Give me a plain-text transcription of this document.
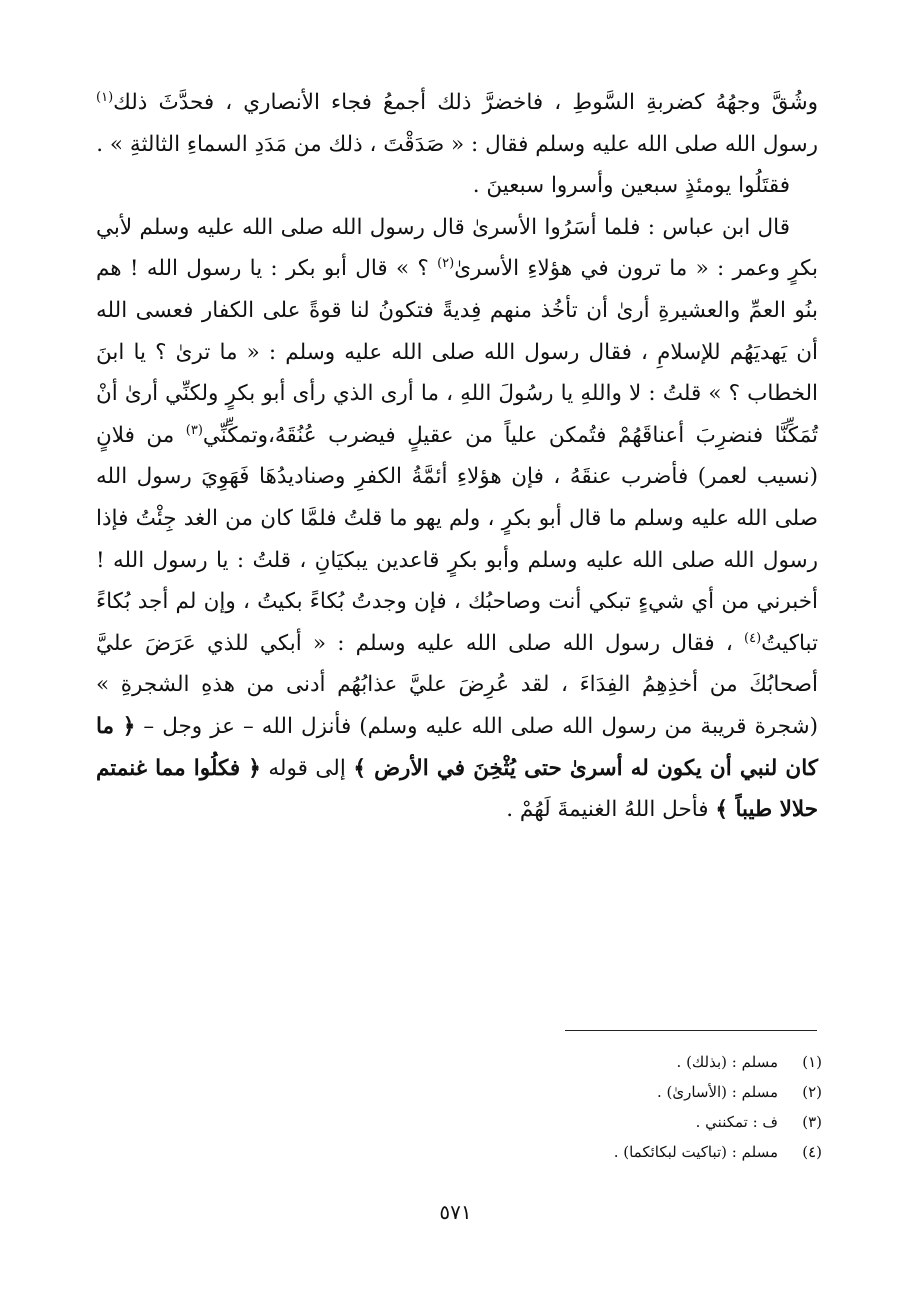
وشُقَّ وجهُهُ كضربةِ السَّوطِ ، فاخضرَّ ذلك أجمعُ فجاء الأنصاري ، فحدَّثَ ذلك$^{(١)}$ رسول الله صلى الله عليه وسلم فقال : « صَدَقْتَ ، ذلك من مَدَدِ السماءِ الثالثةِ » .

فقتَلُوا يومئذٍ سبعين وأسروا سبعينَ .

قال ابن عباس : فلما أسَرُوا الأسرىٰ قال رسول الله صلى الله عليه وسلم لأبي بكرٍ وعمر : « ما ترون في هؤلاءِ الأسرىٰ$^{(٢)}$ ؟ » قال أبو بكر : يا رسول الله ! هم بنُو العمِّ والعشيرةِ أرىٰ أن تأخُذ منهم فِديةً فتكونُ لنا قوةً على الكفار فعسى الله أن يَهديَهُم للإسلامِ ، فقال رسول الله صلى الله عليه وسلم : « ما ترىٰ ؟ يا ابنَ الخطاب ؟ » قلتُ : لا واللهِ يا رسُولَ اللهِ ، ما أرى الذي رأى أبو بكرٍ ولكنِّي أرىٰ أنْ تُمَكِّنَّا فنضرِبَ أعناقَهُمْ فتُمكن علياً من عقيلٍ فيضرب عُنُقَهُ،وتمكِّنِّي$^{(٣)}$ من فلانٍ (نسيب لعمر) فأضرب عنقَهُ ، فإن هؤلاءِ أئمَّةُ الكفرِ وصناديدُهَا فَهَوِيَ رسول الله صلى الله عليه وسلم ما قال أبو بكرٍ ، ولم يهو ما قلتُ فلمَّا كان من الغد جِئْتُ فإذا رسول الله صلى الله عليه وسلم وأبو بكرٍ قاعدين يبكيَانِ ، قلتُ : يا رسول الله ! أخبرني من أي شيءٍ تبكي أنت وصاحبُك ، فإن وجدتُ بُكاءً بكيتُ ، وإن لم أجد بُكاءً تباكيتُ$^{(٤)}$ ، فقال رسول الله صلى الله عليه وسلم : « أبكي للذي عَرَضَ عليَّ أصحابُكَ من أخذِهِمُ الفِدَاءَ ، لقد عُرِضَ عليَّ عذابُهُم أدنى من هذهِ الشجرةِ » (شجرة قريبة من رسول الله صلى الله عليه وسلم) فأنزل الله – عز وجل – ﴿ ما كان لنبي أن يكون له أسرىٰ حتى يُثْخِنَ في الأرض ﴾ إلى قوله ﴿ فكلُوا مما غنمتم حلالا طيباً ﴾ فأحل اللهُ الغنيمةَ لَهُمْ .

(١)
مسلم : (بذلك) .
(٢)
مسلم : (الأسارىٰ) .
(٣)
ف : تمكنني .
(٤)
مسلم : (تباكيت لبكائكما) .
٥٧١
